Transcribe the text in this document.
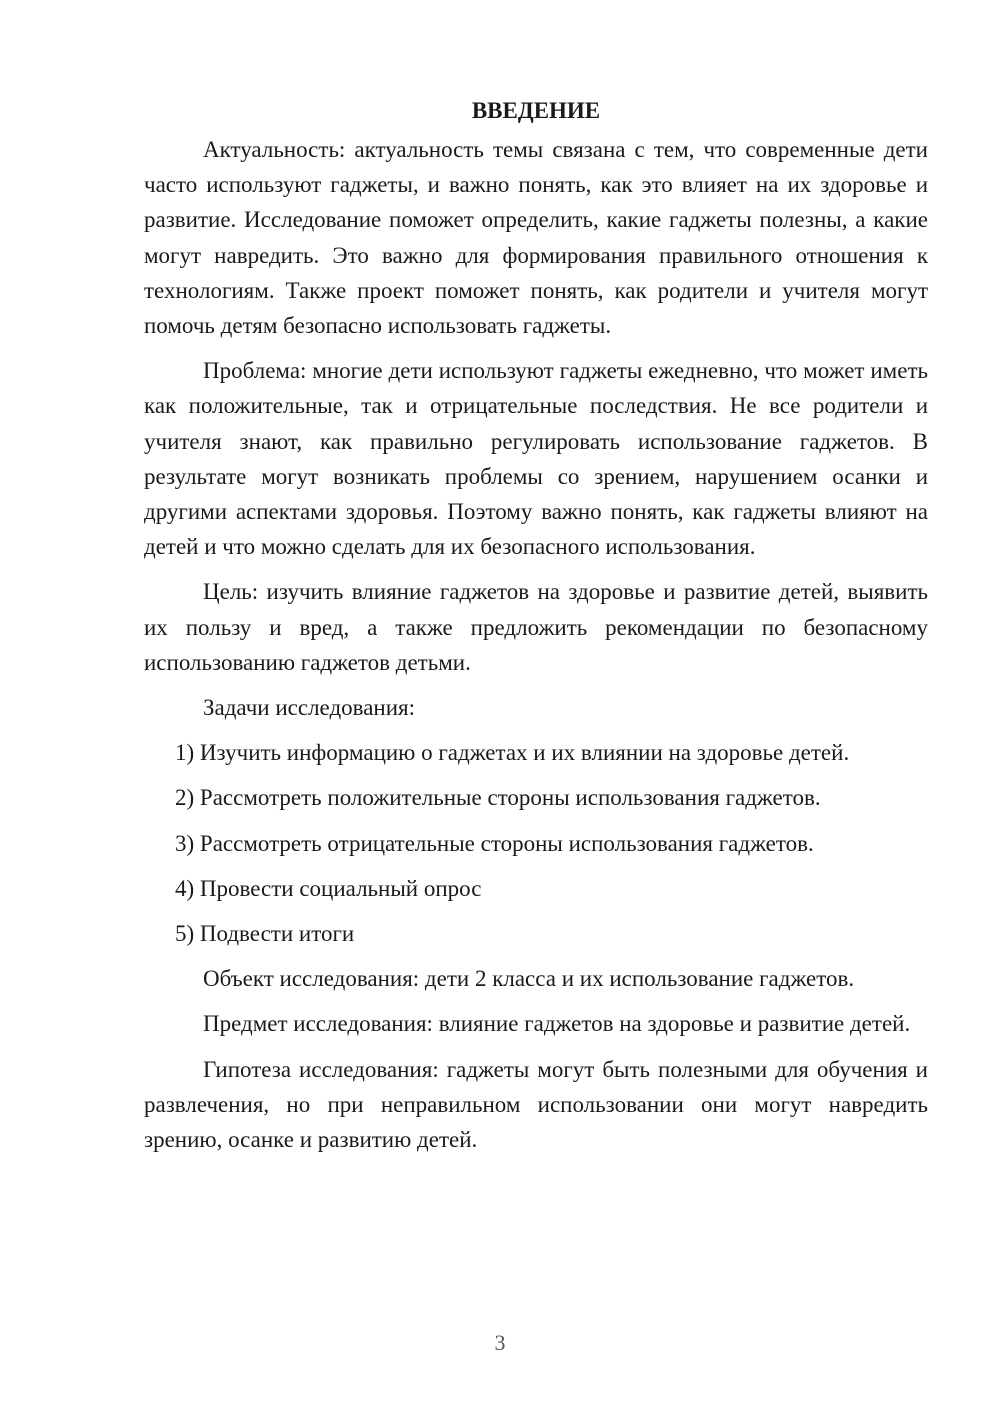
ВВЕДЕНИЕ

Актуальность: актуальность темы связана с тем, что современные дети часто используют гаджеты, и важно понять, как это влияет на их здоровье и развитие. Исследование поможет определить, какие гаджеты полезны, а какие могут навредить. Это важно для формирования правильного отношения к технологиям. Также проект поможет понять, как родители и учителя могут помочь детям безопасно использовать гаджеты.

Проблема: многие дети используют гаджеты ежедневно, что может иметь как положительные, так и отрицательные последствия. Не все родители и учителя знают, как правильно регулировать использование гаджетов. В результате могут возникать проблемы со зрением, нарушением осанки и другими аспектами здоровья. Поэтому важно понять, как гаджеты влияют на детей и что можно сделать для их безопасного использования.

Цель: изучить влияние гаджетов на здоровье и развитие детей, выявить их пользу и вред, а также предложить рекомендации по безопасному использованию гаджетов детьми.

Задачи исследования:

1) Изучить информацию о гаджетах и их влиянии на здоровье детей.
2) Рассмотреть положительные стороны использования гаджетов.
3) Рассмотреть отрицательные стороны использования гаджетов.
4) Провести социальный опрос
5) Подвести итоги

Объект исследования: дети 2 класса и их использование гаджетов.

Предмет исследования: влияние гаджетов на здоровье и развитие детей.

Гипотеза исследования: гаджеты могут быть полезными для обучения и развлечения, но при неправильном использовании они могут навредить зрению, осанке и развитию детей.

3
